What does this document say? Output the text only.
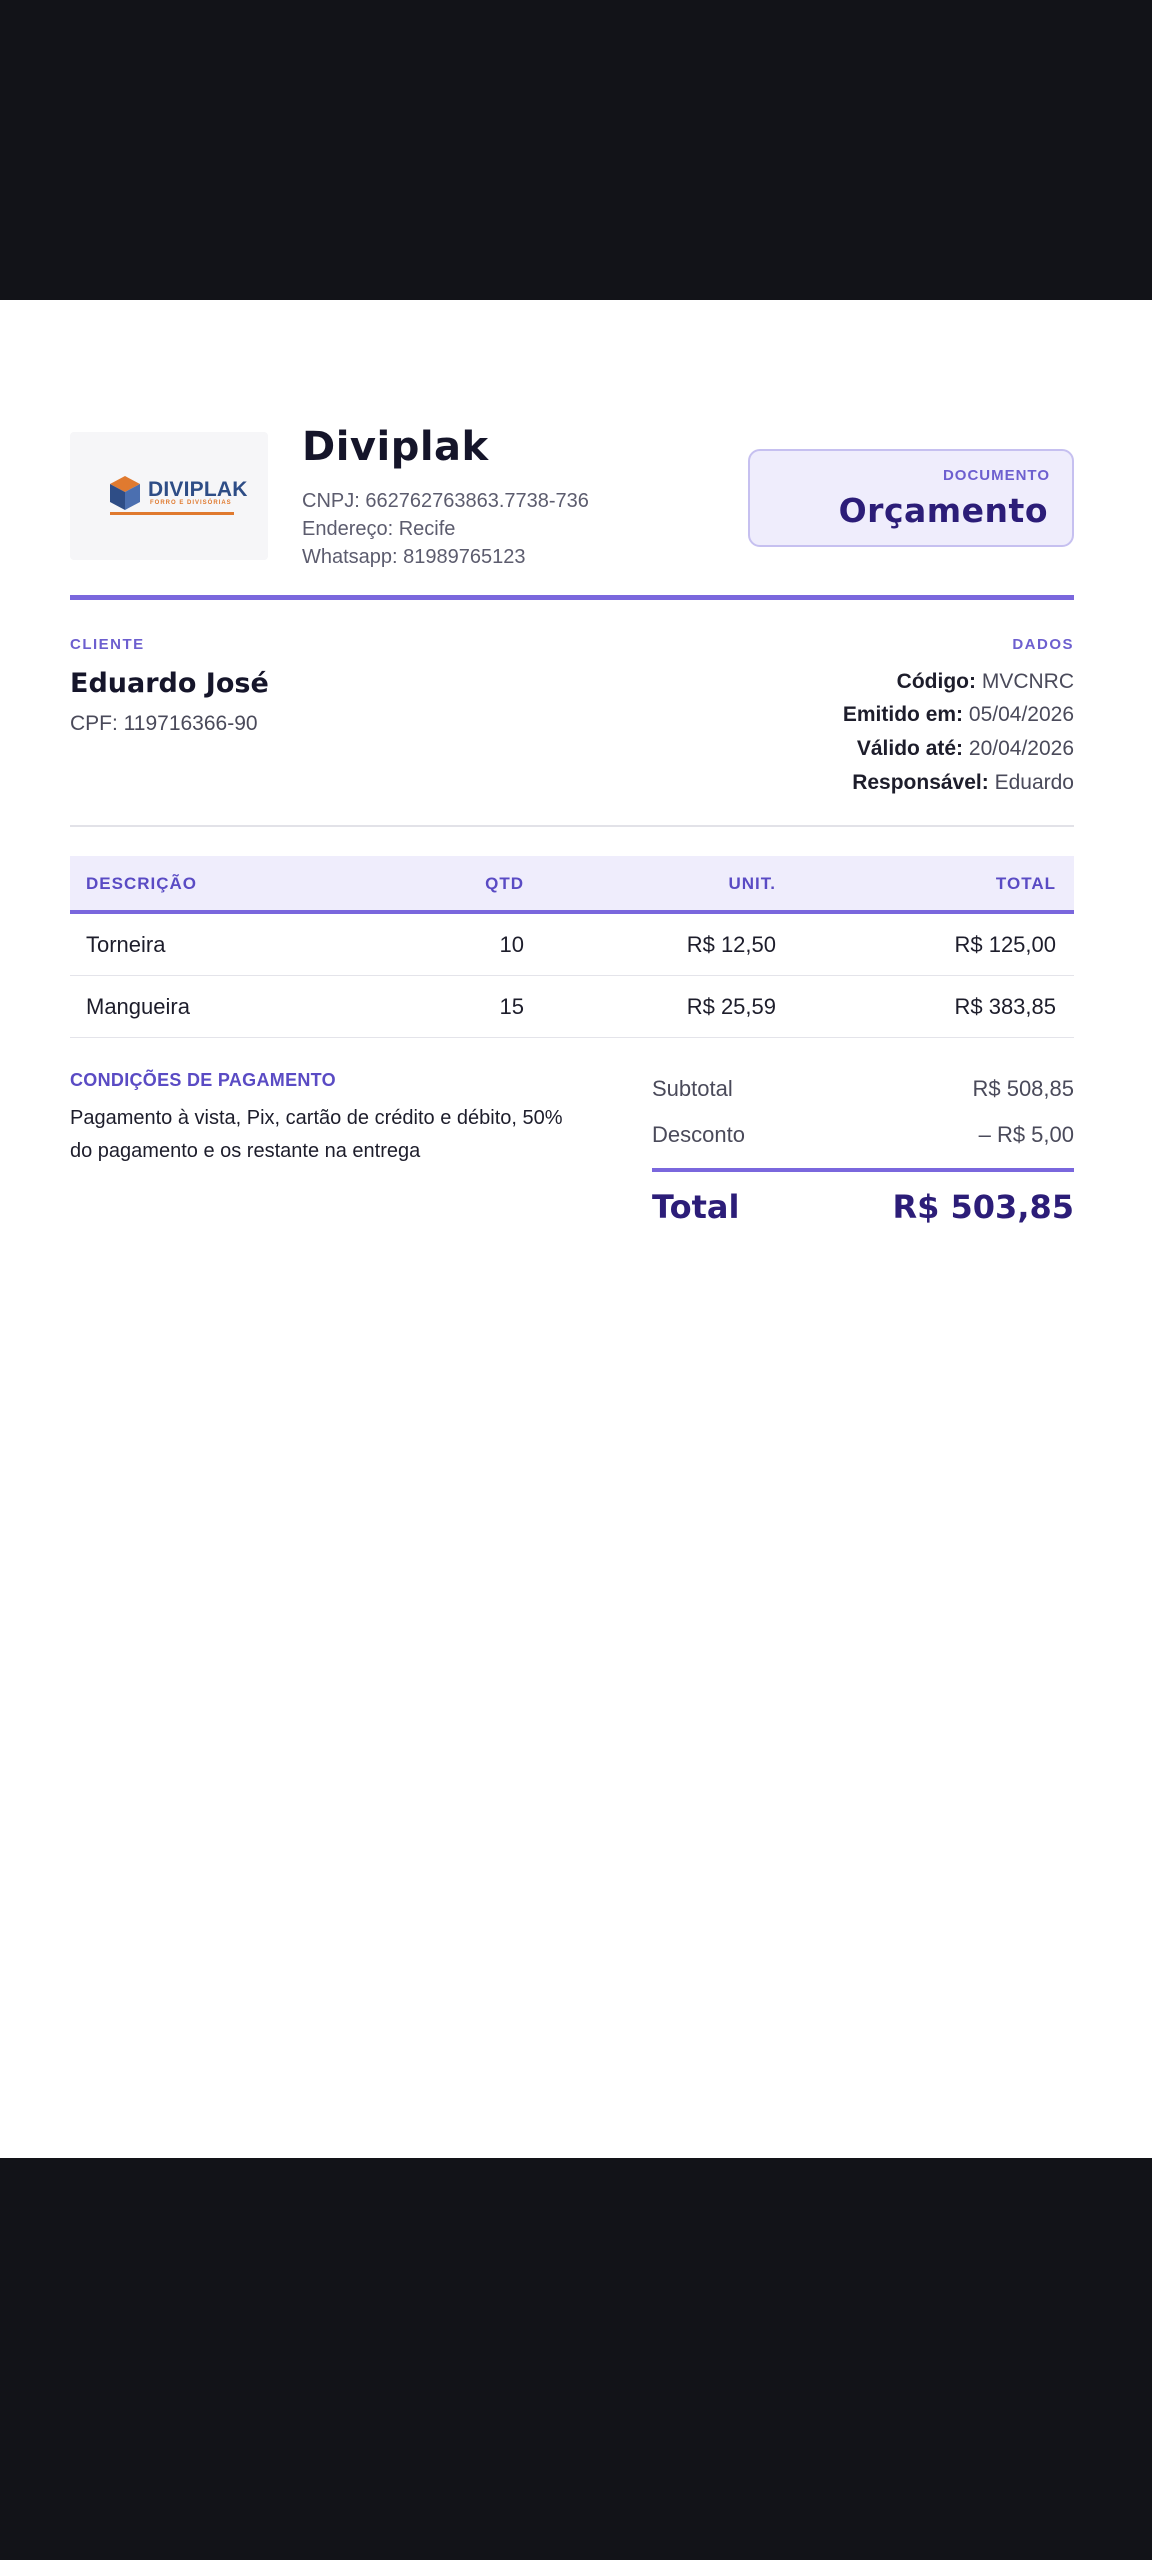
DIVIPLAK
FORRO E DIVISÓRIAS
Diviplak
CNPJ: 66276276386​3.7738-736
Endereço: Recife
Whatsapp: 81989765123
DOCUMENTO
Orçamento
CLIENTE	DADOS
Eduardo José
CPF: 119716366-90
Código: MVCNRC
Emitido em: 05/04/2026
Válido até: 20/04/2026
Responsável: Eduardo
DESCRIÇÃO	QTD	UNIT.	TOTAL
Torneira	10	R$ 12,50	R$ 125,00
Mangueira	15	R$ 25,59	R$ 383,85
CONDIÇÕES DE PAGAMENTO
Pagamento à vista, Pix, cartão de crédito e débito, 50% do pagamento e os restante na entrega
Subtotal	R$ 508,85
Desconto	– R$ 5,00
Total	R$ 503,85
